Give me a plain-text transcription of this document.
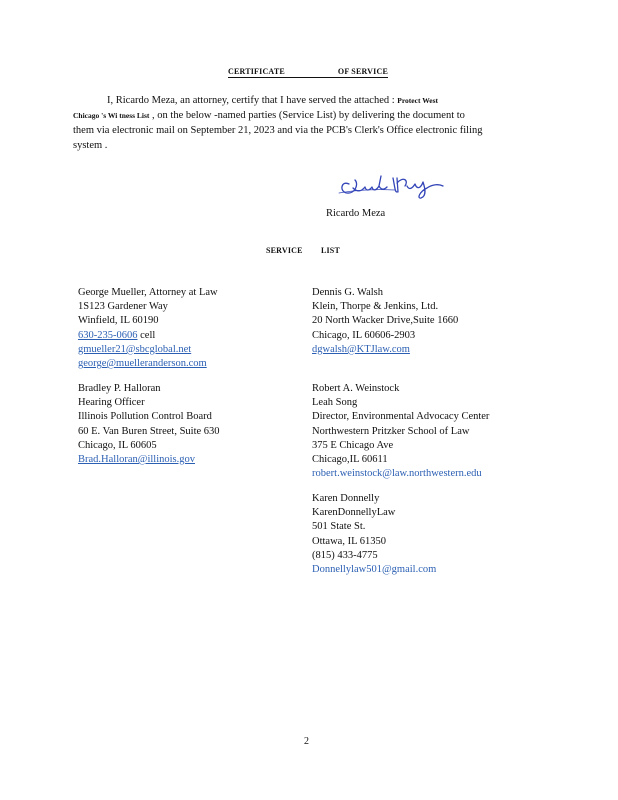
CERTIFICATE	OF SERVICE
I, Ricardo Meza, an attorney, certify that I have served the attached : Protect West
Chicago 's Wi tness List , on the below -named parties (Service List) by delivering the document to
them via electronic mail on September 21, 2023 and via the PCB's Clerk's Office electronic filing
system .
Ricardo Meza
SERVICE LIST
George Mueller, Attorney at Law
1S123 Gardener Way
Winfield, IL 60190
630-235-0606 cell
gmueller21@sbcglobal.net
george@muelleranderson.com
Dennis G. Walsh
Klein, Thorpe & Jenkins, Ltd.
20 North Wacker Drive,Suite 1660
Chicago, IL 60606-2903
dgwalsh@KTJlaw.com
Bradley P. Halloran
Hearing Officer
Illinois Pollution Control Board
60 E. Van Buren Street, Suite 630
Chicago, IL 60605
Brad.Halloran@illinois.gov
Robert A. Weinstock
Leah Song
Director, Environmental Advocacy Center
Northwestern Pritzker School of Law
375 E Chicago Ave
Chicago,IL 60611
robert.weinstock@law.northwestern.edu
Karen Donnelly
KarenDonnellyLaw
501 State St.
Ottawa, IL 61350
(815) 433-4775
Donnellylaw501@gmail.com
2
